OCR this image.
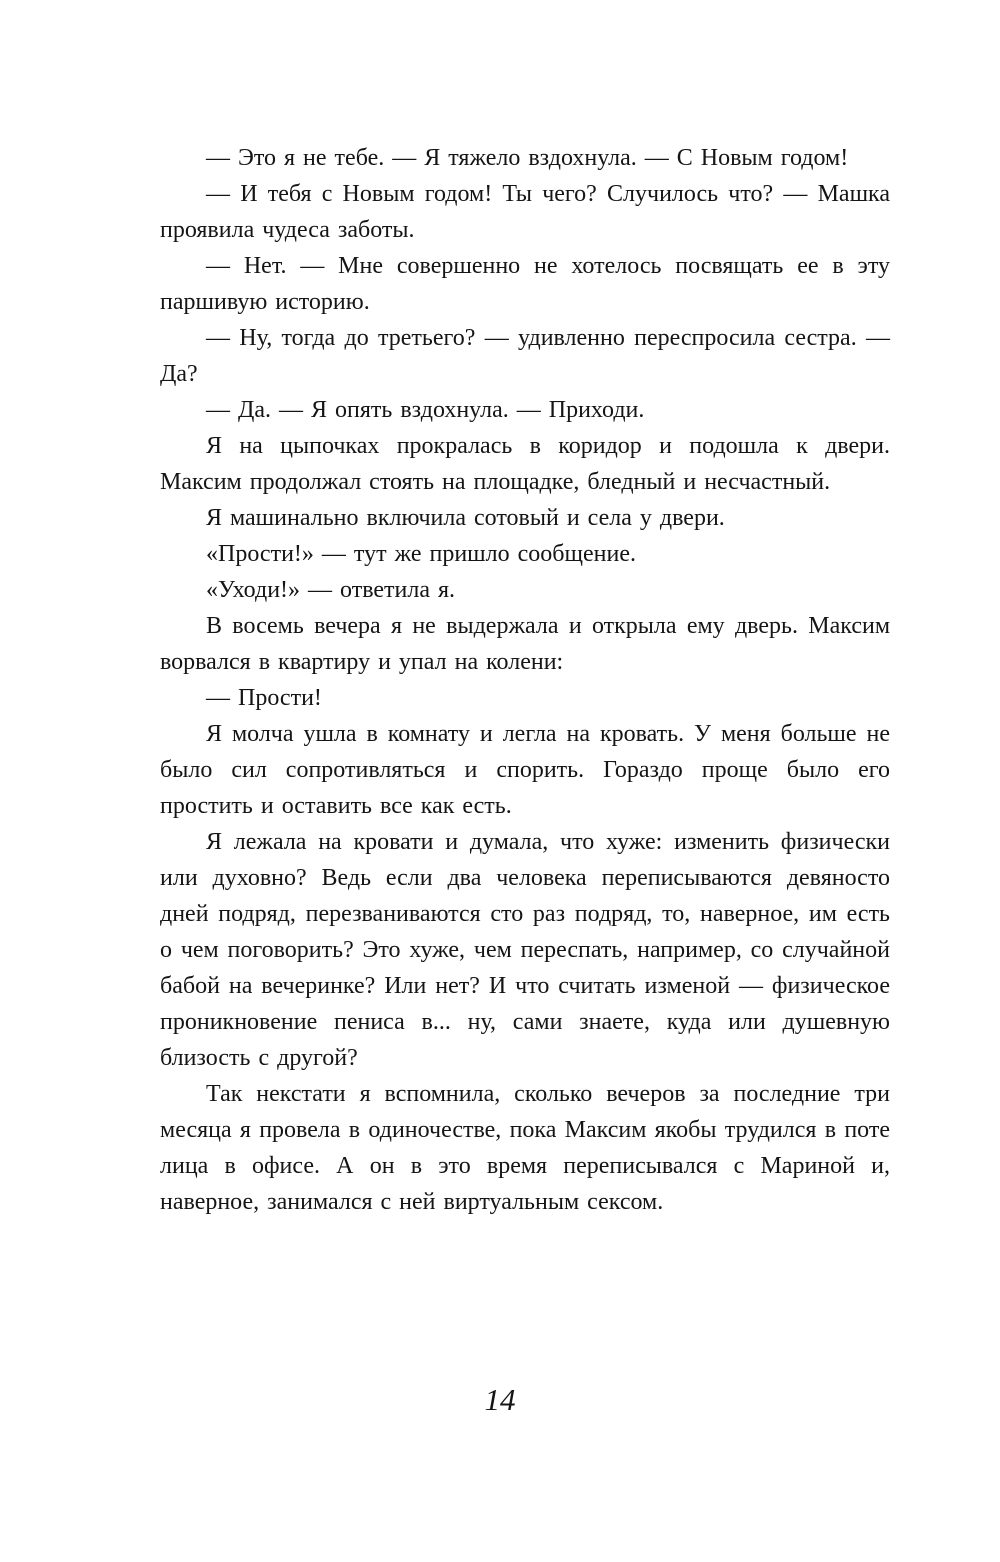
— Это я не тебе. — Я тяжело вздохнула. — С Новым годом!

— И тебя с Новым годом! Ты чего? Случилось что? — Машка проявила чудеса заботы.

— Нет. — Мне совершенно не хотелось посвящать ее в эту паршивую историю.

— Ну, тогда до третьего? — удивленно переспросила сестра. — Да?

— Да. — Я опять вздохнула. — Приходи.

Я на цыпочках прокралась в коридор и подошла к двери. Максим продолжал стоять на площадке, бледный и несчастный.

Я машинально включила сотовый и села у двери.

«Прости!» — тут же пришло сообщение.

«Уходи!» — ответила я.

В восемь вечера я не выдержала и открыла ему дверь. Максим ворвался в квартиру и упал на колени:

— Прости!

Я молча ушла в комнату и легла на кровать. У меня больше не было сил сопротивляться и спорить. Гораздо проще было его простить и оставить все как есть.

Я лежала на кровати и думала, что хуже: изменить физически или духовно? Ведь если два человека переписываются девяносто дней подряд, перезваниваются сто раз подряд, то, наверное, им есть о чем поговорить? Это хуже, чем переспать, например, со случайной бабой на вечеринке? Или нет? И что считать изменой — физическое проникновение пениса в... ну, сами знаете, куда или душевную близость с другой?

Так некстати я вспомнила, сколько вечеров за последние три месяца я провела в одиночестве, пока Максим якобы трудился в поте лица в офисе. А он в это время переписывался с Мариной и, наверное, занимался с ней виртуальным сексом.

14
